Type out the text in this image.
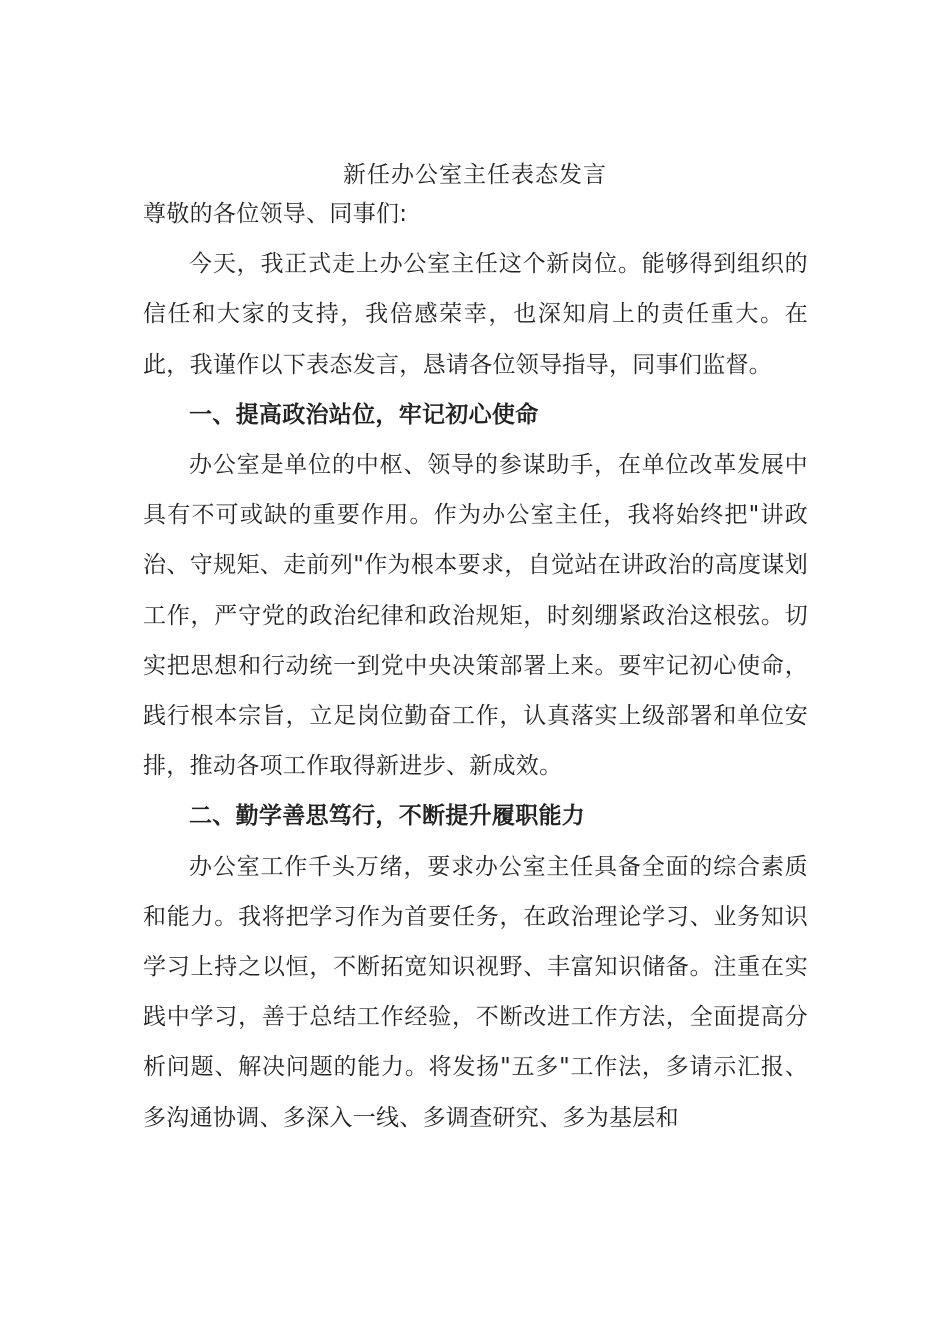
新任办公室主任表态发言

尊敬的各位领导、同事们:

今天，我正式走上办公室主任这个新岗位。能够得到组织的信任和大家的支持，我倍感荣幸，也深知肩上的责任重大。在此，我谨作以下表态发言，恳请各位领导指导，同事们监督。

一、提高政治站位，牢记初心使命

办公室是单位的中枢、领导的参谋助手，在单位改革发展中具有不可或缺的重要作用。作为办公室主任，我将始终把"讲政治、守规矩、走前列"作为根本要求，自觉站在讲政治的高度谋划工作，严守党的政治纪律和政治规矩，时刻绷紧政治这根弦。切实把思想和行动统一到党中央决策部署上来。要牢记初心使命，践行根本宗旨，立足岗位勤奋工作，认真落实上级部署和单位安排，推动各项工作取得新进步、新成效。

二、勤学善思笃行，不断提升履职能力

办公室工作千头万绪，要求办公室主任具备全面的综合素质和能力。我将把学习作为首要任务，在政治理论学习、业务知识学习上持之以恒，不断拓宽知识视野、丰富知识储备。注重在实践中学习，善于总结工作经验，不断改进工作方法，全面提高分析问题、解决问题的能力。将发扬"五多"工作法，多请示汇报、多沟通协调、多深入一线、多调查研究、多为基层和
